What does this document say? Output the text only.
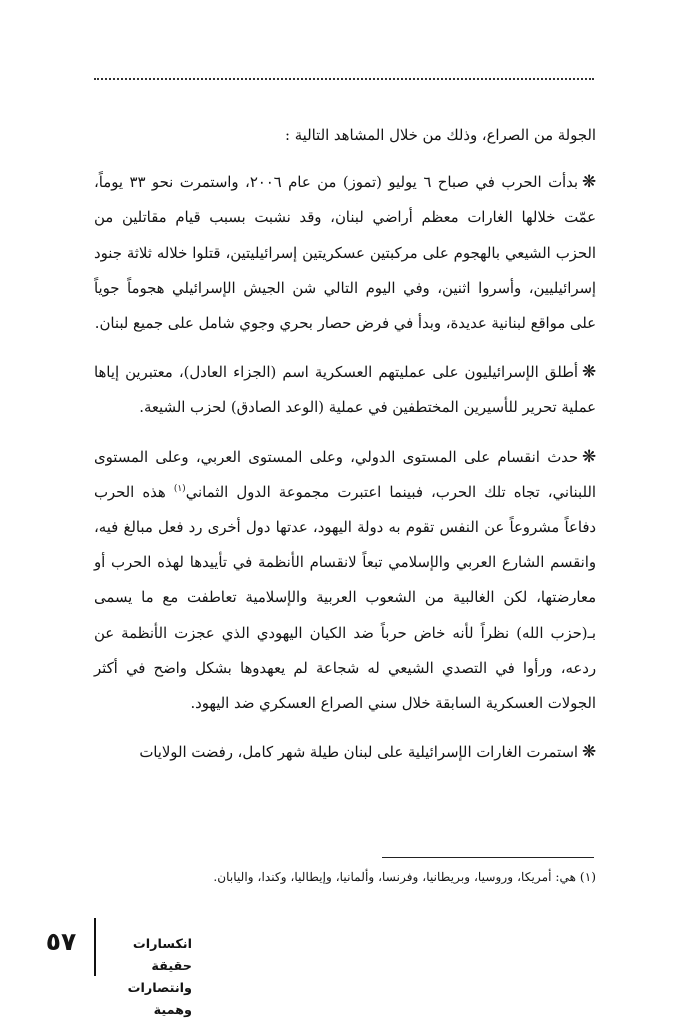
الجولة من الصراع، وذلك من خلال المشاهد التالية :

❋بدأت الحرب في صباح ٦ يوليو (تموز) من عام ٢٠٠٦، واستمرت نحو ٣٣ يوماً، عمّت خلالها الغارات معظم أراضي لبنان، وقد نشبت بسبب قيام مقاتلين من الحزب الشيعي بالهجوم على مركبتين عسكريتين إسرائيليتين، قتلوا خلاله ثلاثة جنود إسرائيليين، وأسروا اثنين، وفي اليوم التالي شن الجيش الإسرائيلي هجوماً جوياً على مواقع لبنانية عديدة، وبدأ في فرض حصار بحري وجوي شامل على جميع لبنان.

❋أطلق الإسرائيليون على عمليتهم العسكرية اسم (الجزاء العادل)، معتبرين إياها عملية تحرير للأسيرين المختطفين في عملية (الوعد الصادق) لحزب الشيعة.

❋حدث انقسام على المستوى الدولي، وعلى المستوى العربي، وعلى المستوى اللبناني، تجاه تلك الحرب، فبينما اعتبرت مجموعة الدول الثماني$^{(١)}$ هذه الحرب دفاعاً مشروعاً عن النفس تقوم به دولة اليهود، عدتها دول أخرى رد فعل مبالغ فيه، وانقسم الشارع العربي والإسلامي تبعاً لانقسام الأنظمة في تأييدها لهذه الحرب أو معارضتها، لكن الغالبية من الشعوب العربية والإسلامية تعاطفت مع ما يسمى بـ(حزب الله) نظراً لأنه خاض حرباً ضد الكيان اليهودي الذي عجزت الأنظمة عن ردعه، ورأوا في التصدي الشيعي له شجاعة لم يعهدوها بشكل واضح في أكثر الجولات العسكرية السابقة خلال سني الصراع العسكري ضد اليهود.

❋استمرت الغارات الإسرائيلية على لبنان طيلة شهر كامل، رفضت الولايات

(١) هي: أمريكا، وروسيا، وبريطانيا، وفرنسا، وألمانيا، وإيطاليا، وكندا، واليابان.
انكسارات حقيقة
وانتصارات وهمية
٥٧
